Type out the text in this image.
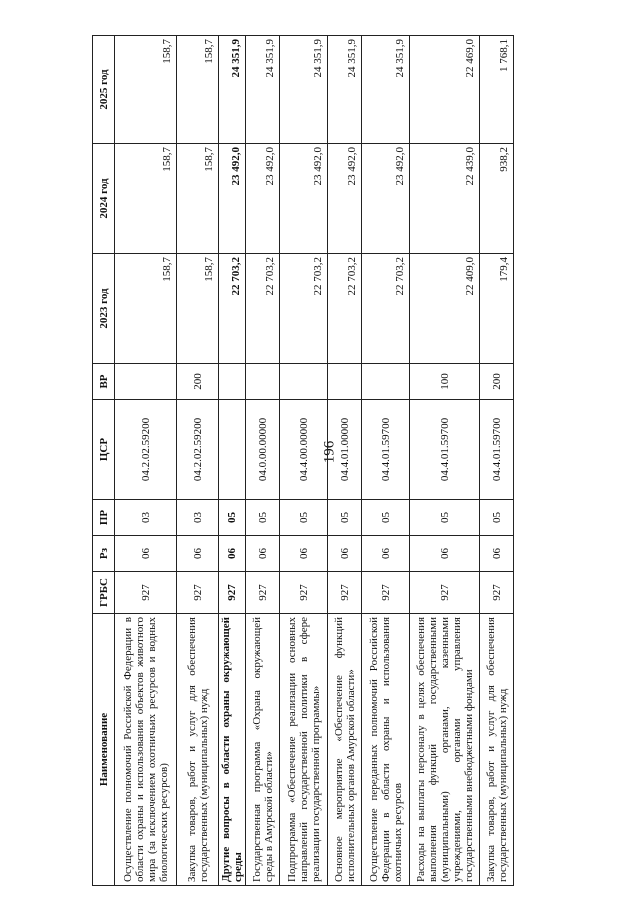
196
Наименование	ГРБС	Рз	ПР	ЦСР	ВР	2023 год	2024 год	2025 год
Осуществление полномочий Российской Федерации в области охраны и использования объектов животного мира (за исключением охотничьих ресурсов и водных биологических ресурсов)	927	06	03	04.2.02.59200		158,7	158,7	158,7
Закупка товаров, работ и услуг для обеспечения государственных (муниципальных) нужд	927	06	03	04.2.02.59200	200	158,7	158,7	158,7
Другие вопросы в области охраны окружающей среды	927	06	05			22 703,2	23 492,0	24 351,9
Государственная программа «Охрана окружающей среды в Амурской области»	927	06	05	04.0.00.00000		22 703,2	23 492,0	24 351,9
Подпрограмма «Обеспечение реализации основных направлений государственной политики в сфере реализации государственной программы»	927	06	05	04.4.00.00000		22 703,2	23 492,0	24 351,9
Основное мероприятие «Обеспечение функций исполнительных органов Амурской области»	927	06	05	04.4.01.00000		22 703,2	23 492,0	24 351,9
Осуществление переданных полномочий Российской Федерации в области охраны и использования охотничьих ресурсов	927	06	05	04.4.01.59700		22 703,2	23 492,0	24 351,9
Расходы на выплаты персоналу в целях обеспечения выполнения функций государственными (муниципальными) органами, казенными учреждениями, органами управления государственными внебюджетными фондами	927	06	05	04.4.01.59700	100	22 409,0	22 439,0	22 469,0
Закупка товаров, работ и услуг для обеспечения государственных (муниципальных) нужд	927	06	05	04.4.01.59700	200	179,4	938,2	1 768,1
